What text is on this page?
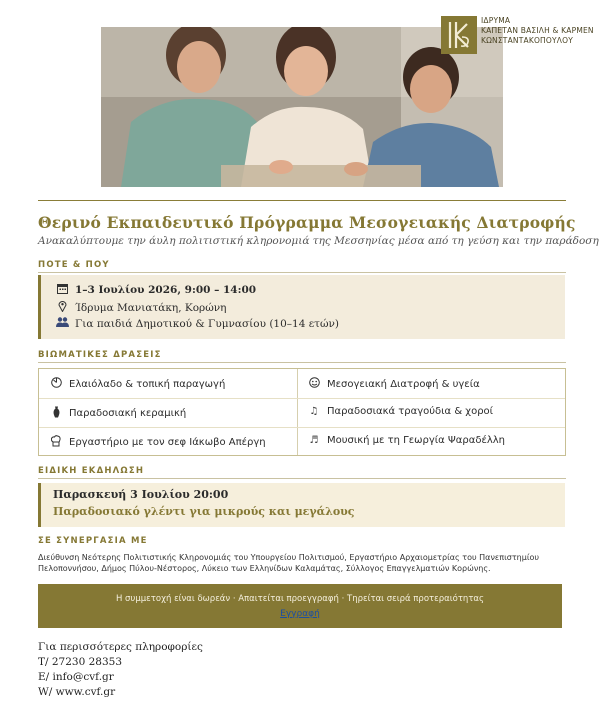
ΙΔΡΥΜΑ
ΚΑΠΕΤΑΝ ΒΑΣΙΛΗ & ΚΑΡΜΕΝ
ΚΩΝΣΤΑΝΤΑΚΟΠΟΥΛΟΥ
Θερινό Εκπαιδευτικό Πρόγραμμα Μεσογειακής Διατροφής
Ανακαλύπτουμε την άυλη πολιτιστική κληρονομιά της Μεσσηνίας μέσα από τη γεύση και την παράδοση
ΠΟΤΕ & ΠΟΥ
1–3 Ιουλίου 2026, 9:00 – 14:00
Ίδρυμα Μανιατάκη, Κορώνη
Για παιδιά Δημοτικού & Γυμνασίου (10–14 ετών)
ΒΙΩΜΑΤΙΚΕΣ ΔΡΑΣΕΙΣ
Ελαιόλαδο & τοπική παραγωγή	Μεσογειακή Διατροφή & υγεία
Παραδοσιακή κεραμική	♫ Παραδοσιακά τραγούδια & χοροί
Εργαστήριο με τον σεφ Ιάκωβο Απέργη	♬ Μουσική με τη Γεωργία Ψαραδέλλη
ΕΙΔΙΚΗ ΕΚΔΗΛΩΣΗ
Παρασκευή 3 Ιουλίου 20:00
Παραδοσιακό γλέντι για μικρούς και μεγάλους
ΣΕ ΣΥΝΕΡΓΑΣΙΑ ΜΕ
Διεύθυνση Νεότερης Πολιτιστικής Κληρονομιάς του Υπουργείου Πολιτισμού, Εργαστήριο Αρχαιομετρίας του Πανεπιστημίου Πελοποννήσου, Δήμος Πύλου-Νέστορος, Λύκειο των Ελληνίδων Καλαμάτας, Σύλλογος Επαγγελματιών Κορώνης.
Η συμμετοχή είναι δωρεάν · Απαιτείται προεγγραφή · Τηρείται σειρά προτεραιότητας
Εγγραφή
Για περισσότερες πληροφορίες
T/ 27230 28353
E/ info@cvf.gr
W/ www.cvf.gr
